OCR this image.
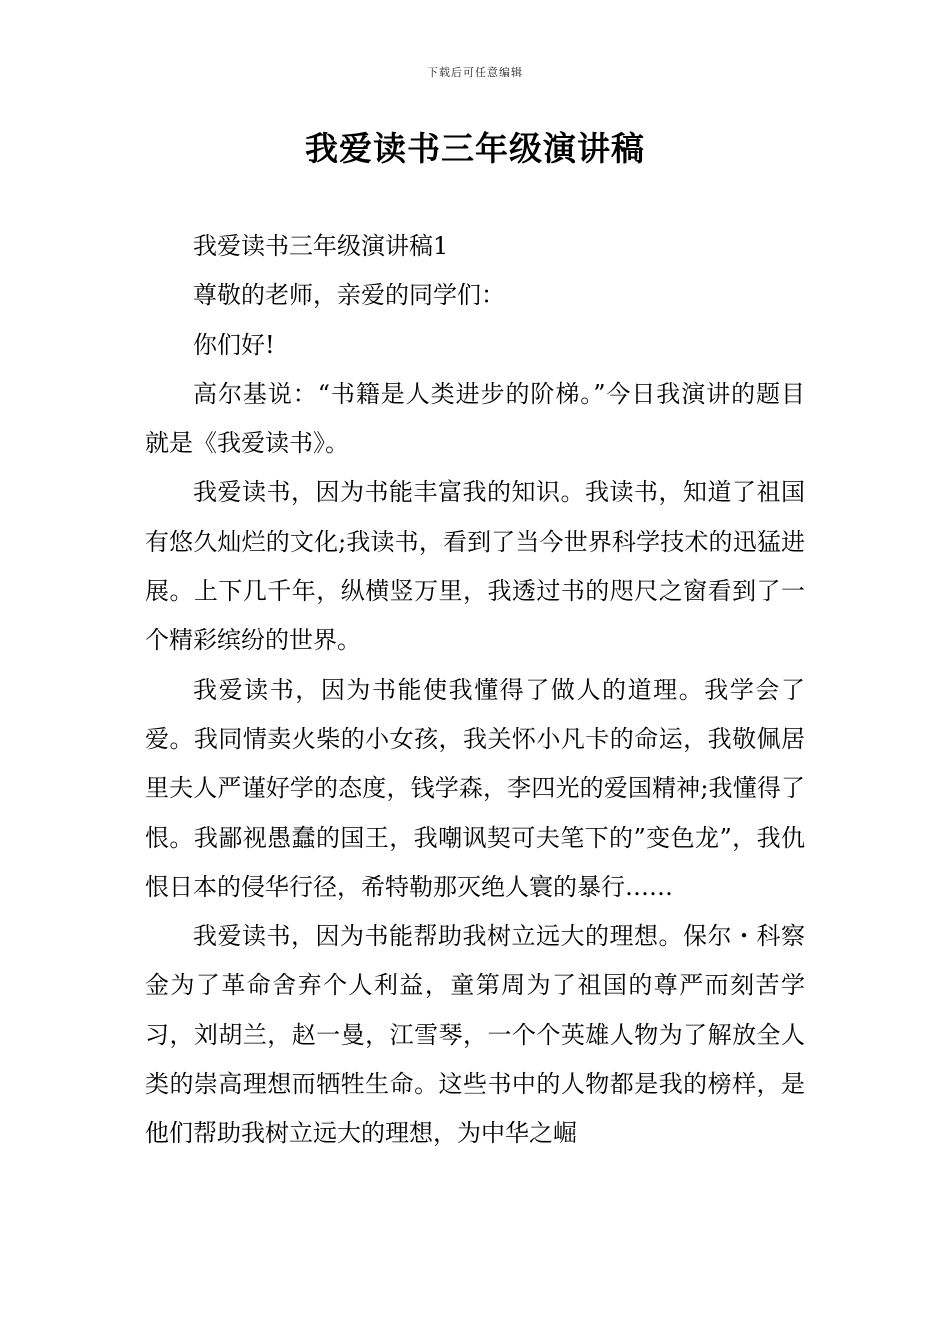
下载后可任意编辑
我爱读书三年级演讲稿

我爱读书三年级演讲稿1

尊敬的老师，亲爱的同学们：

你们好!

高尔基说：“书籍是人类进步的阶梯。”今日我演讲的题目就是《我爱读书》。

我爱读书，因为书能丰富我的知识。我读书，知道了祖国有悠久灿烂的文化;我读书，看到了当今世界科学技术的迅猛进展。上下几千年，纵横竖万里，我透过书的咫尺之窗看到了一个精彩缤纷的世界。

我爱读书，因为书能使我懂得了做人的道理。我学会了爱。我同情卖火柴的小女孩，我关怀小凡卡的命运，我敬佩居里夫人严谨好学的态度，钱学森，李四光的爱国精神;我懂得了恨。我鄙视愚蠢的国王，我嘲讽契可夫笔下的”变色龙”，我仇恨日本的侵华行径，希特勒那灭绝人寰的暴行……

我爱读书，因为书能帮助我树立远大的理想。保尔・科察金为了革命舍弃个人利益，童第周为了祖国的尊严而刻苦学习，刘胡兰，赵一曼，江雪琴，一个个英雄人物为了解放全人类的崇高理想而牺牲生命。这些书中的人物都是我的榜样，是他们帮助我树立远大的理想，为中华之崛
